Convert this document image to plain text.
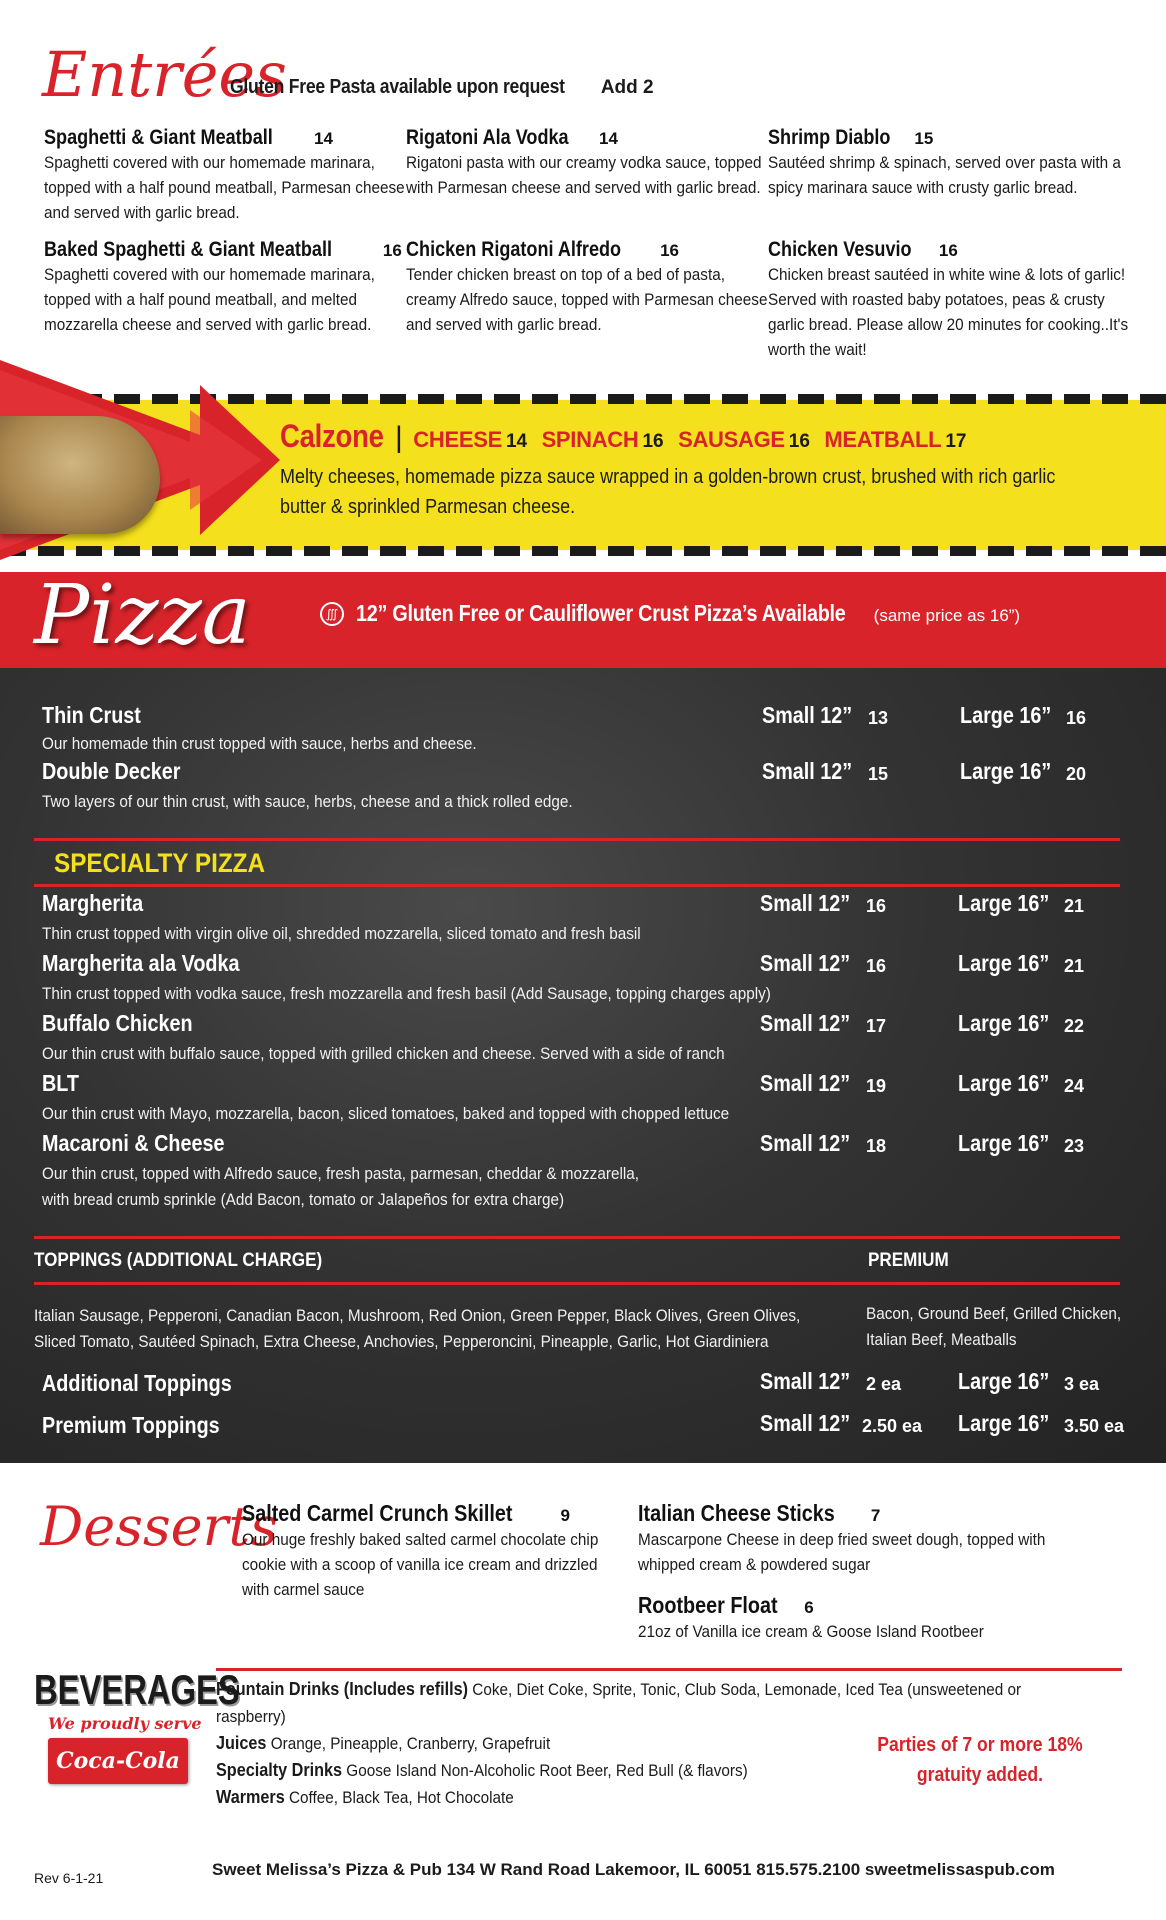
Entrées
Gluten Free Pasta available upon request Add 2
Spaghetti & Giant Meatball 14
Spaghetti covered with our homemade marinara, topped with a half pound meatball, Parmesan cheese and served with garlic bread.
Baked Spaghetti & Giant Meatball	16
Spaghetti covered with our homemade marinara, topped with a half pound meatball, and melted mozzarella cheese and served with garlic bread.
Rigatoni Ala Vodka 14
Rigatoni pasta with our creamy vodka sauce, topped with Parmesan cheese and served with garlic bread.
Chicken Rigatoni Alfredo 16
Tender chicken breast on top of a bed of pasta, creamy Alfredo sauce, topped with Parmesan cheese and served with garlic bread.
Shrimp Diablo 15
Sautéed shrimp & spinach, served over pasta with a spicy marinara sauce with crusty garlic bread.
Chicken Vesuvio 16
Chicken breast sautéed in white wine & lots of garlic! Served with roasted baby potatoes, peas & crusty garlic bread. Please allow 20 minutes for cooking..It's worth the wait!
Calzone | CHEESE 14 SPINACH 16 SAUSAGE 16 MEATBALL 17
Melty cheeses, homemade pizza sauce wrapped in a golden-brown crust, brushed with rich garlic butter & sprinkled Parmesan cheese.
Pizza	∭ 12” Gluten Free or Cauliflower Crust Pizza’s Available (same price as 16”)
Thin Crust
Our homemade thin crust topped with sauce, herbs and cheese.
Small 12” 13	Large 16” 16
Double Decker
Two layers of our thin crust, with sauce, herbs, cheese and a thick rolled edge.
Small 12” 15	Large 16” 20
SPECIALTY PIZZA
Margherita
Thin crust topped with virgin olive oil, shredded mozzarella, sliced tomato and fresh basil
Small 12” 16	Large 16” 21
Margherita ala Vodka
Thin crust topped with vodka sauce, fresh mozzarella and fresh basil (Add Sausage, topping charges apply)
Small 12” 16	Large 16” 21
Buffalo Chicken
Our thin crust with buffalo sauce, topped with grilled chicken and cheese. Served with a side of ranch
Small 12” 17	Large 16” 22
BLT
Our thin crust with Mayo, mozzarella, bacon, sliced tomatoes, baked and topped with chopped lettuce
Small 12” 19	Large 16” 24
Macaroni & Cheese
Our thin crust, topped with Alfredo sauce, fresh pasta, parmesan, cheddar & mozzarella,
with bread crumb sprinkle (Add Bacon, tomato or Jalapeños for extra charge)
Small 12” 18	Large 16” 23
TOPPINGS (ADDITIONAL CHARGE)	PREMIUM
Italian Sausage, Pepperoni, Canadian Bacon, Mushroom, Red Onion, Green Pepper, Black Olives, Green Olives,
Sliced Tomato, Sautéed Spinach, Extra Cheese, Anchovies, Pepperoncini, Pineapple, Garlic, Hot Giardiniera
Bacon, Ground Beef, Grilled Chicken,
Italian Beef, Meatballs
Additional Toppings	Small 12” 2 ea Large 16” 3 ea
Premium Toppings	Small 12” 2.50 ea Large 16” 3.50 ea
Desserts
Salted Carmel Crunch Skillet	9
Our huge freshly baked salted carmel chocolate chip cookie with a scoop of vanilla ice cream and drizzled with carmel sauce
Italian Cheese Sticks 7
Mascarpone Cheese in deep fried sweet dough, topped with whipped cream & powdered sugar
Rootbeer Float 6
21oz of Vanilla ice cream & Goose Island Rootbeer
BEVERAGES
We proudly serve
Coca-Cola
Fountain Drinks (Includes refills) Coke, Diet Coke, Sprite, Tonic, Club Soda, Lemonade, Iced Tea (unsweetened or
raspberry)
Juices Orange, Pineapple, Cranberry, Grapefruit
Specialty Drinks Goose Island Non-Alcoholic Root Beer, Red Bull (& flavors)
Warmers Coffee, Black Tea, Hot Chocolate
Parties of 7 or more 18%
gratuity added.
Rev 6-1-21	Sweet Melissa’s Pizza & Pub 134 W Rand Road Lakemoor, IL 60051 815.575.2100 sweetmelissaspub.com
